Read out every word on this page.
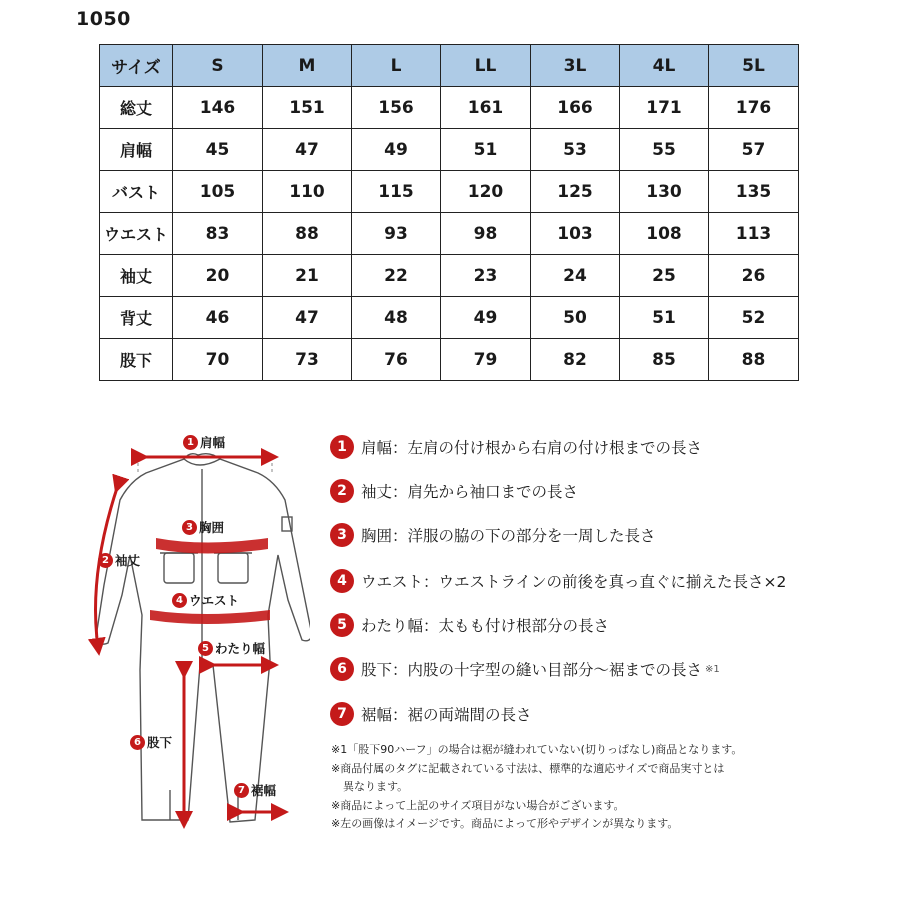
1050
サイズ	S	M	L	LL	3L	4L	5L
総丈	146	151	156	161	166	171	176
肩幅	45	47	49	51	53	55	57
バスト	105	110	115	120	125	130	135
ウエスト	83	88	93	98	103	108	113
袖丈	20	21	22	23	24	25	26
背丈	46	47	48	49	50	51	52
股下	70	73	76	79	82	85	88
1 肩幅
2 袖丈
3 胸囲
4 ウエスト
5 わたり幅
6 股下
7 裾幅
1 肩幅：左肩の付け根から右肩の付け根までの長さ
2 袖丈：肩先から袖口までの長さ
3 胸囲：洋服の脇の下の部分を一周した長さ
4 ウエスト：ウエストラインの前後を真っ直ぐに揃えた長さ×2
5 わたり幅：太もも付け根部分の長さ
6 股下：内股の十字型の縫い目部分〜裾までの長さ ※1
7 裾幅：裾の両端間の長さ
※1「股下90ハーフ」の場合は裾が縫われていない(切りっぱなし)商品となります。
※商品付属のタグに記載されている寸法は、標準的な適応サイズで商品実寸とは
異なります。
※商品によって上記のサイズ項目がない場合がございます。
※左の画像はイメージです。商品によって形やデザインが異なります。
